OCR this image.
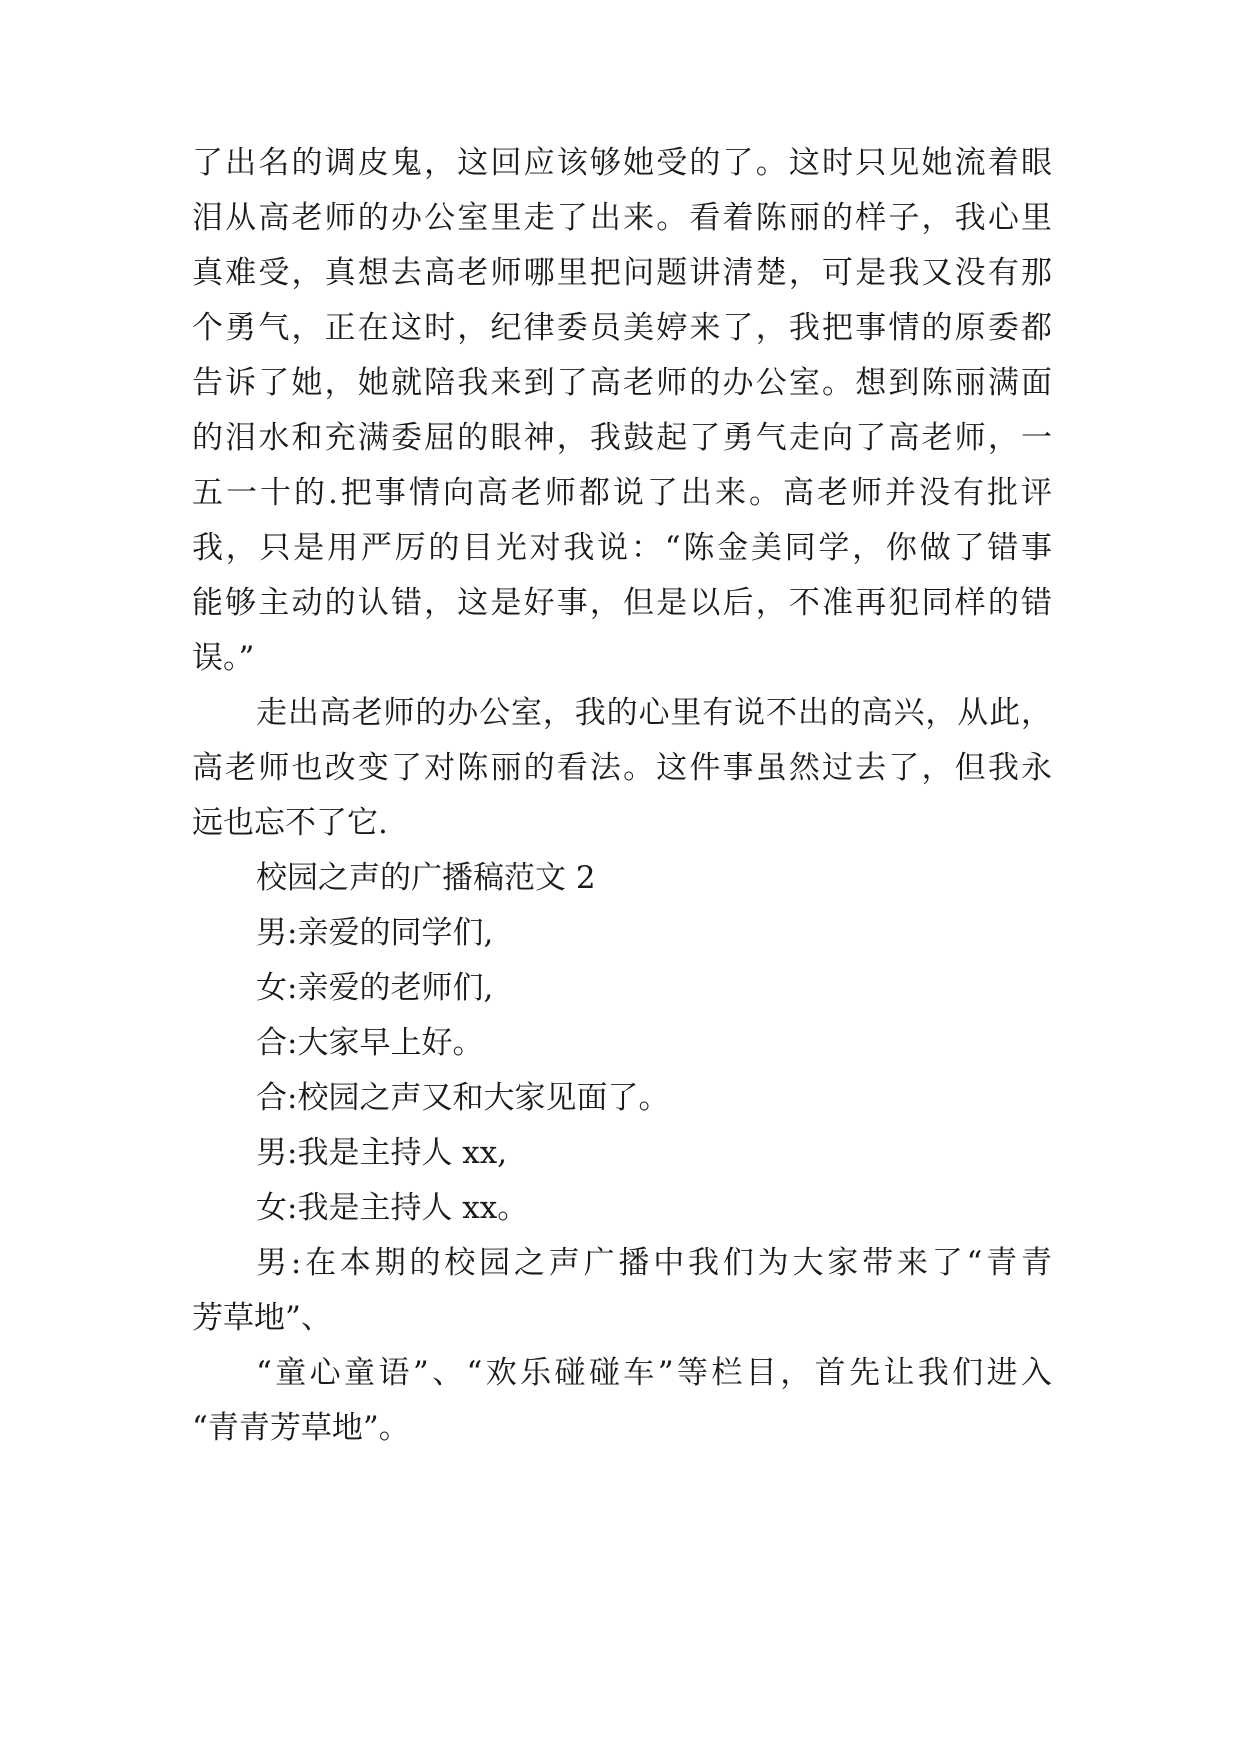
了出名的调皮鬼，这回应该够她受的了。这时只见她流着眼
泪从高老师的办公室里走了出来。看着陈丽的样子，我心里
真难受，真想去高老师哪里把问题讲清楚，可是我又没有那
个勇气，正在这时，纪律委员美婷来了，我把事情的原委都
告诉了她，她就陪我来到了高老师的办公室。想到陈丽满面
的泪水和充满委屈的眼神，我鼓起了勇气走向了高老师，一
五一十的.把事情向高老师都说了出来。高老师并没有批评
我，只是用严厉的目光对我说：“陈金美同学，你做了错事
能够主动的认错，这是好事，但是以后，不准再犯同样的错
误。”
走出高老师的办公室，我的心里有说不出的高兴，从此，
高老师也改变了对陈丽的看法。这件事虽然过去了，但我永
远也忘不了它.
校园之声的广播稿范文 2
男:亲爱的同学们,
女:亲爱的老师们,
合:大家早上好。
合:校园之声又和大家见面了。
男:我是主持人 xx,
女:我是主持人 xx。
男:在本期的校园之声广播中我们为大家带来了“青青
芳草地”、
“童心童语”、“欢乐碰碰车”等栏目，首先让我们进入
“青青芳草地”。
